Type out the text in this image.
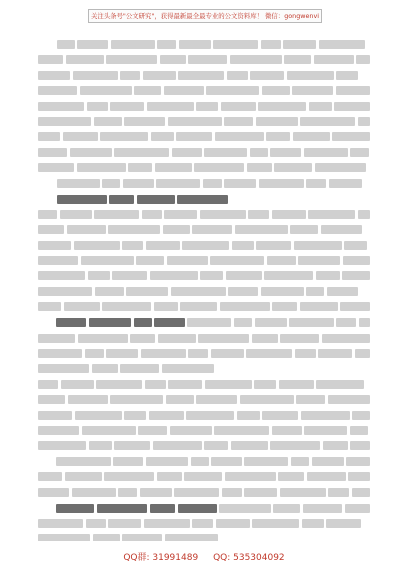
关注头条号"公文研究"，获得最新最全最专业的公文资料库！ 微信：gongwenvi
QQ群: 31991489 QQ: 535304092
